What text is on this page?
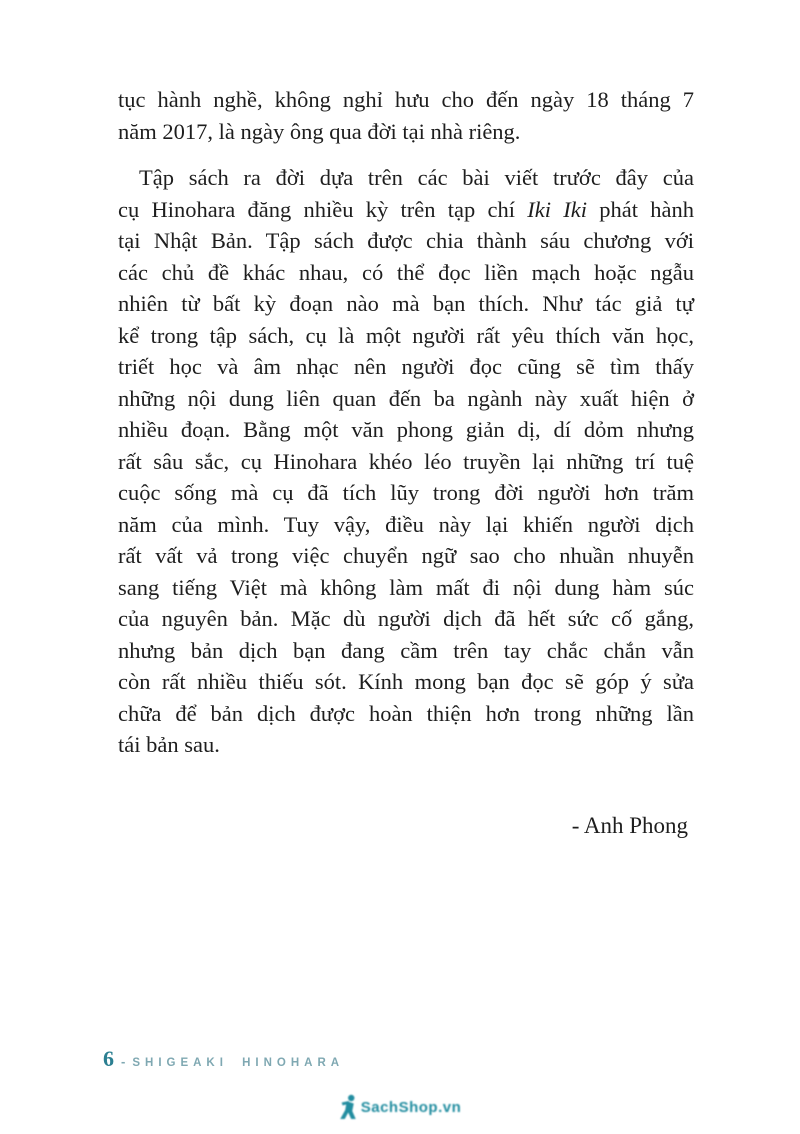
tục hành nghề, không nghỉ hưu cho đến ngày 18 tháng 7
năm 2017, là ngày ông qua đời tại nhà riêng.
Tập sách ra đời dựa trên các bài viết trước đây của
cụ Hinohara đăng nhiều kỳ trên tạp chí Iki Iki phát hành
tại Nhật Bản. Tập sách được chia thành sáu chương với
các chủ đề khác nhau, có thể đọc liền mạch hoặc ngẫu
nhiên từ bất kỳ đoạn nào mà bạn thích. Như tác giả tự
kể trong tập sách, cụ là một người rất yêu thích văn học,
triết học và âm nhạc nên người đọc cũng sẽ tìm thấy
những nội dung liên quan đến ba ngành này xuất hiện ở
nhiều đoạn. Bằng một văn phong giản dị, dí dỏm nhưng
rất sâu sắc, cụ Hinohara khéo léo truyền lại những trí tuệ
cuộc sống mà cụ đã tích lũy trong đời người hơn trăm
năm của mình. Tuy vậy, điều này lại khiến người dịch
rất vất vả trong việc chuyển ngữ sao cho nhuần nhuyễn
sang tiếng Việt mà không làm mất đi nội dung hàm súc
của nguyên bản. Mặc dù người dịch đã hết sức cố gắng,
nhưng bản dịch bạn đang cầm trên tay chắc chắn vẫn
còn rất nhiều thiếu sót. Kính mong bạn đọc sẽ góp ý sửa
chữa để bản dịch được hoàn thiện hơn trong những lần
tái bản sau.
- Anh Phong
6 - SHIGEAKI HINOHARA
SachShop.vn
